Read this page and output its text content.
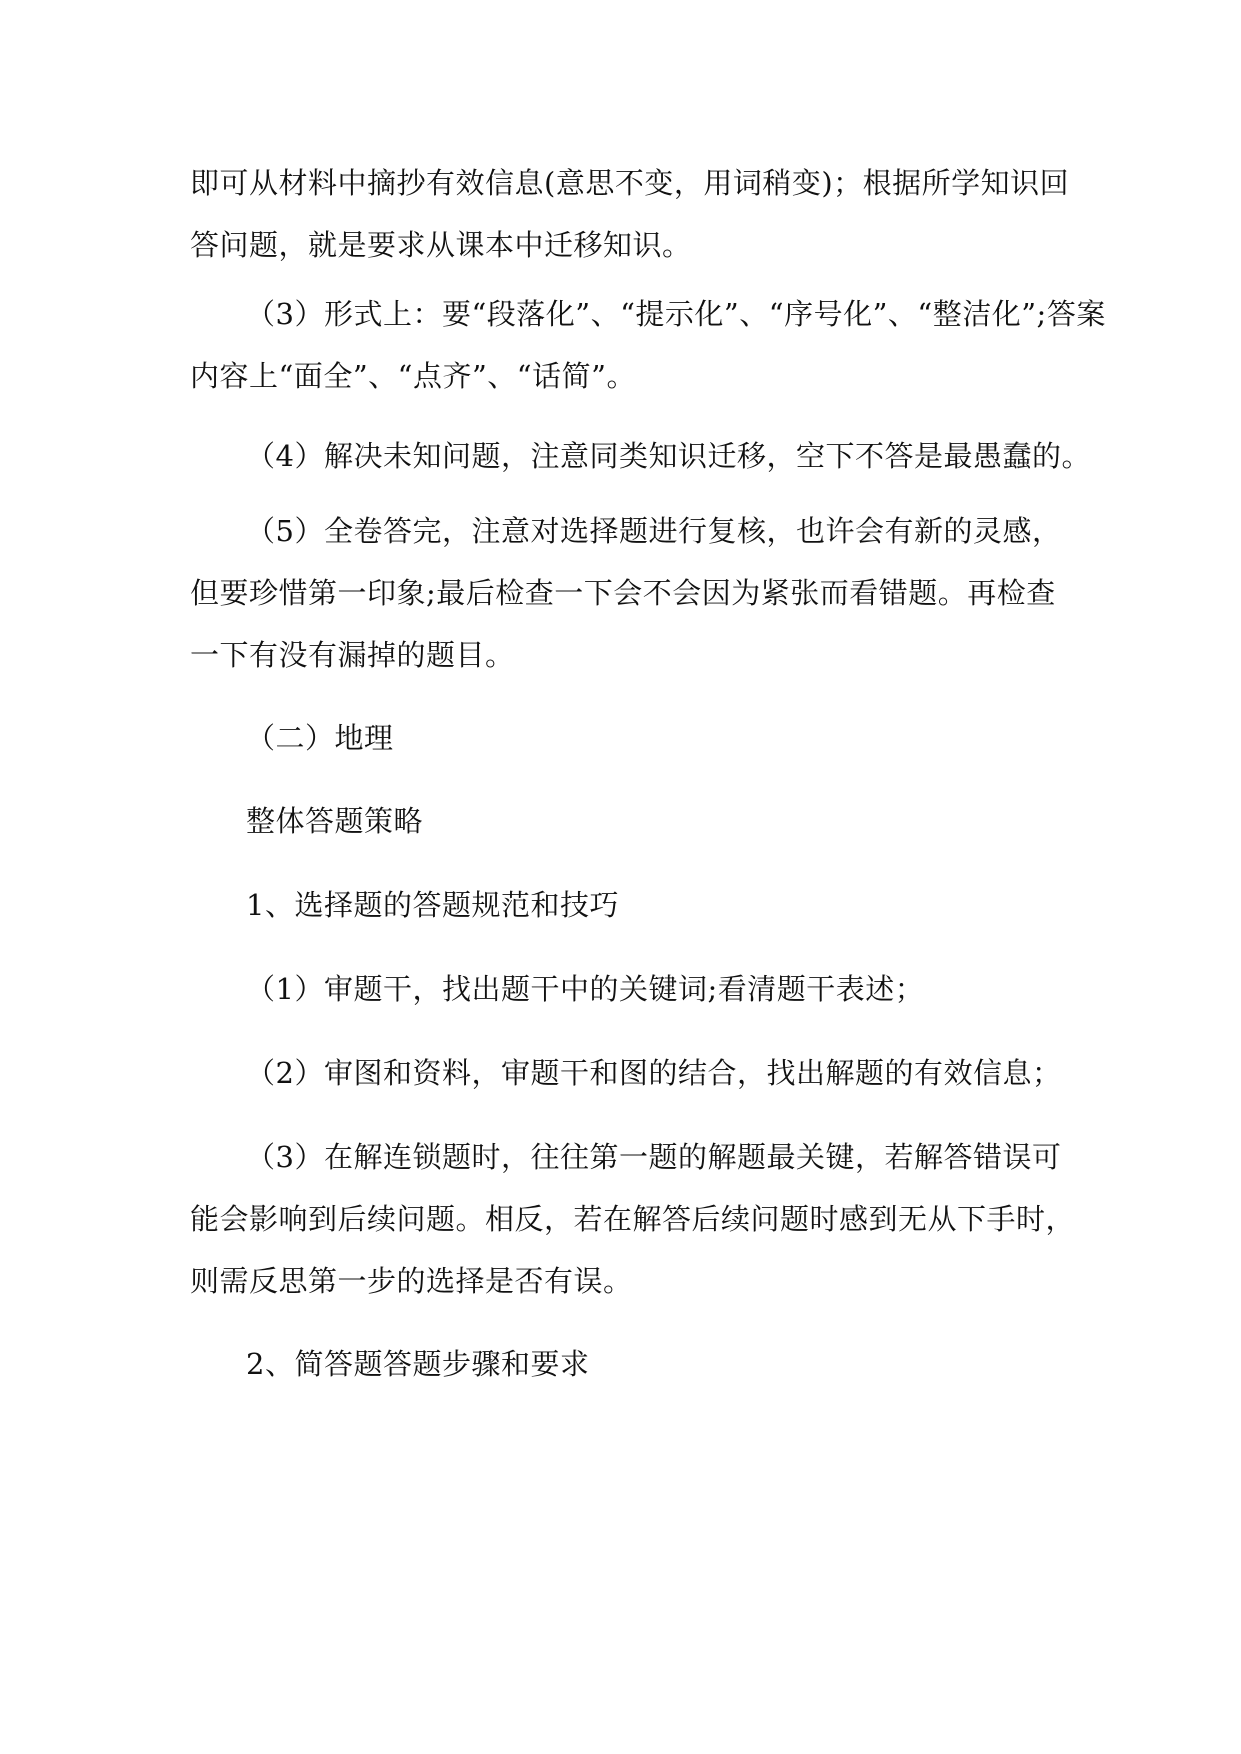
即可从材料中摘抄有效信息(意思不变，用词稍变)；根据所学知识回
答问题，就是要求从课本中迁移知识。
（3）形式上：要“段落化”、“提示化”、“序号化”、“整洁化”;答案
内容上“面全”、“点齐”、“话简”。
（4）解决未知问题，注意同类知识迁移，空下不答是最愚蠢的。
（5）全卷答完，注意对选择题进行复核，也许会有新的灵感，
但要珍惜第一印象;最后检查一下会不会因为紧张而看错题。再检查
一下有没有漏掉的题目。
（二）地理
整体答题策略
1、选择题的答题规范和技巧
（1）审题干，找出题干中的关键词;看清题干表述；
（2）审图和资料，审题干和图的结合，找出解题的有效信息；
（3）在解连锁题时，往往第一题的解题最关键，若解答错误可
能会影响到后续问题。相反，若在解答后续问题时感到无从下手时，
则需反思第一步的选择是否有误。
2、简答题答题步骤和要求
